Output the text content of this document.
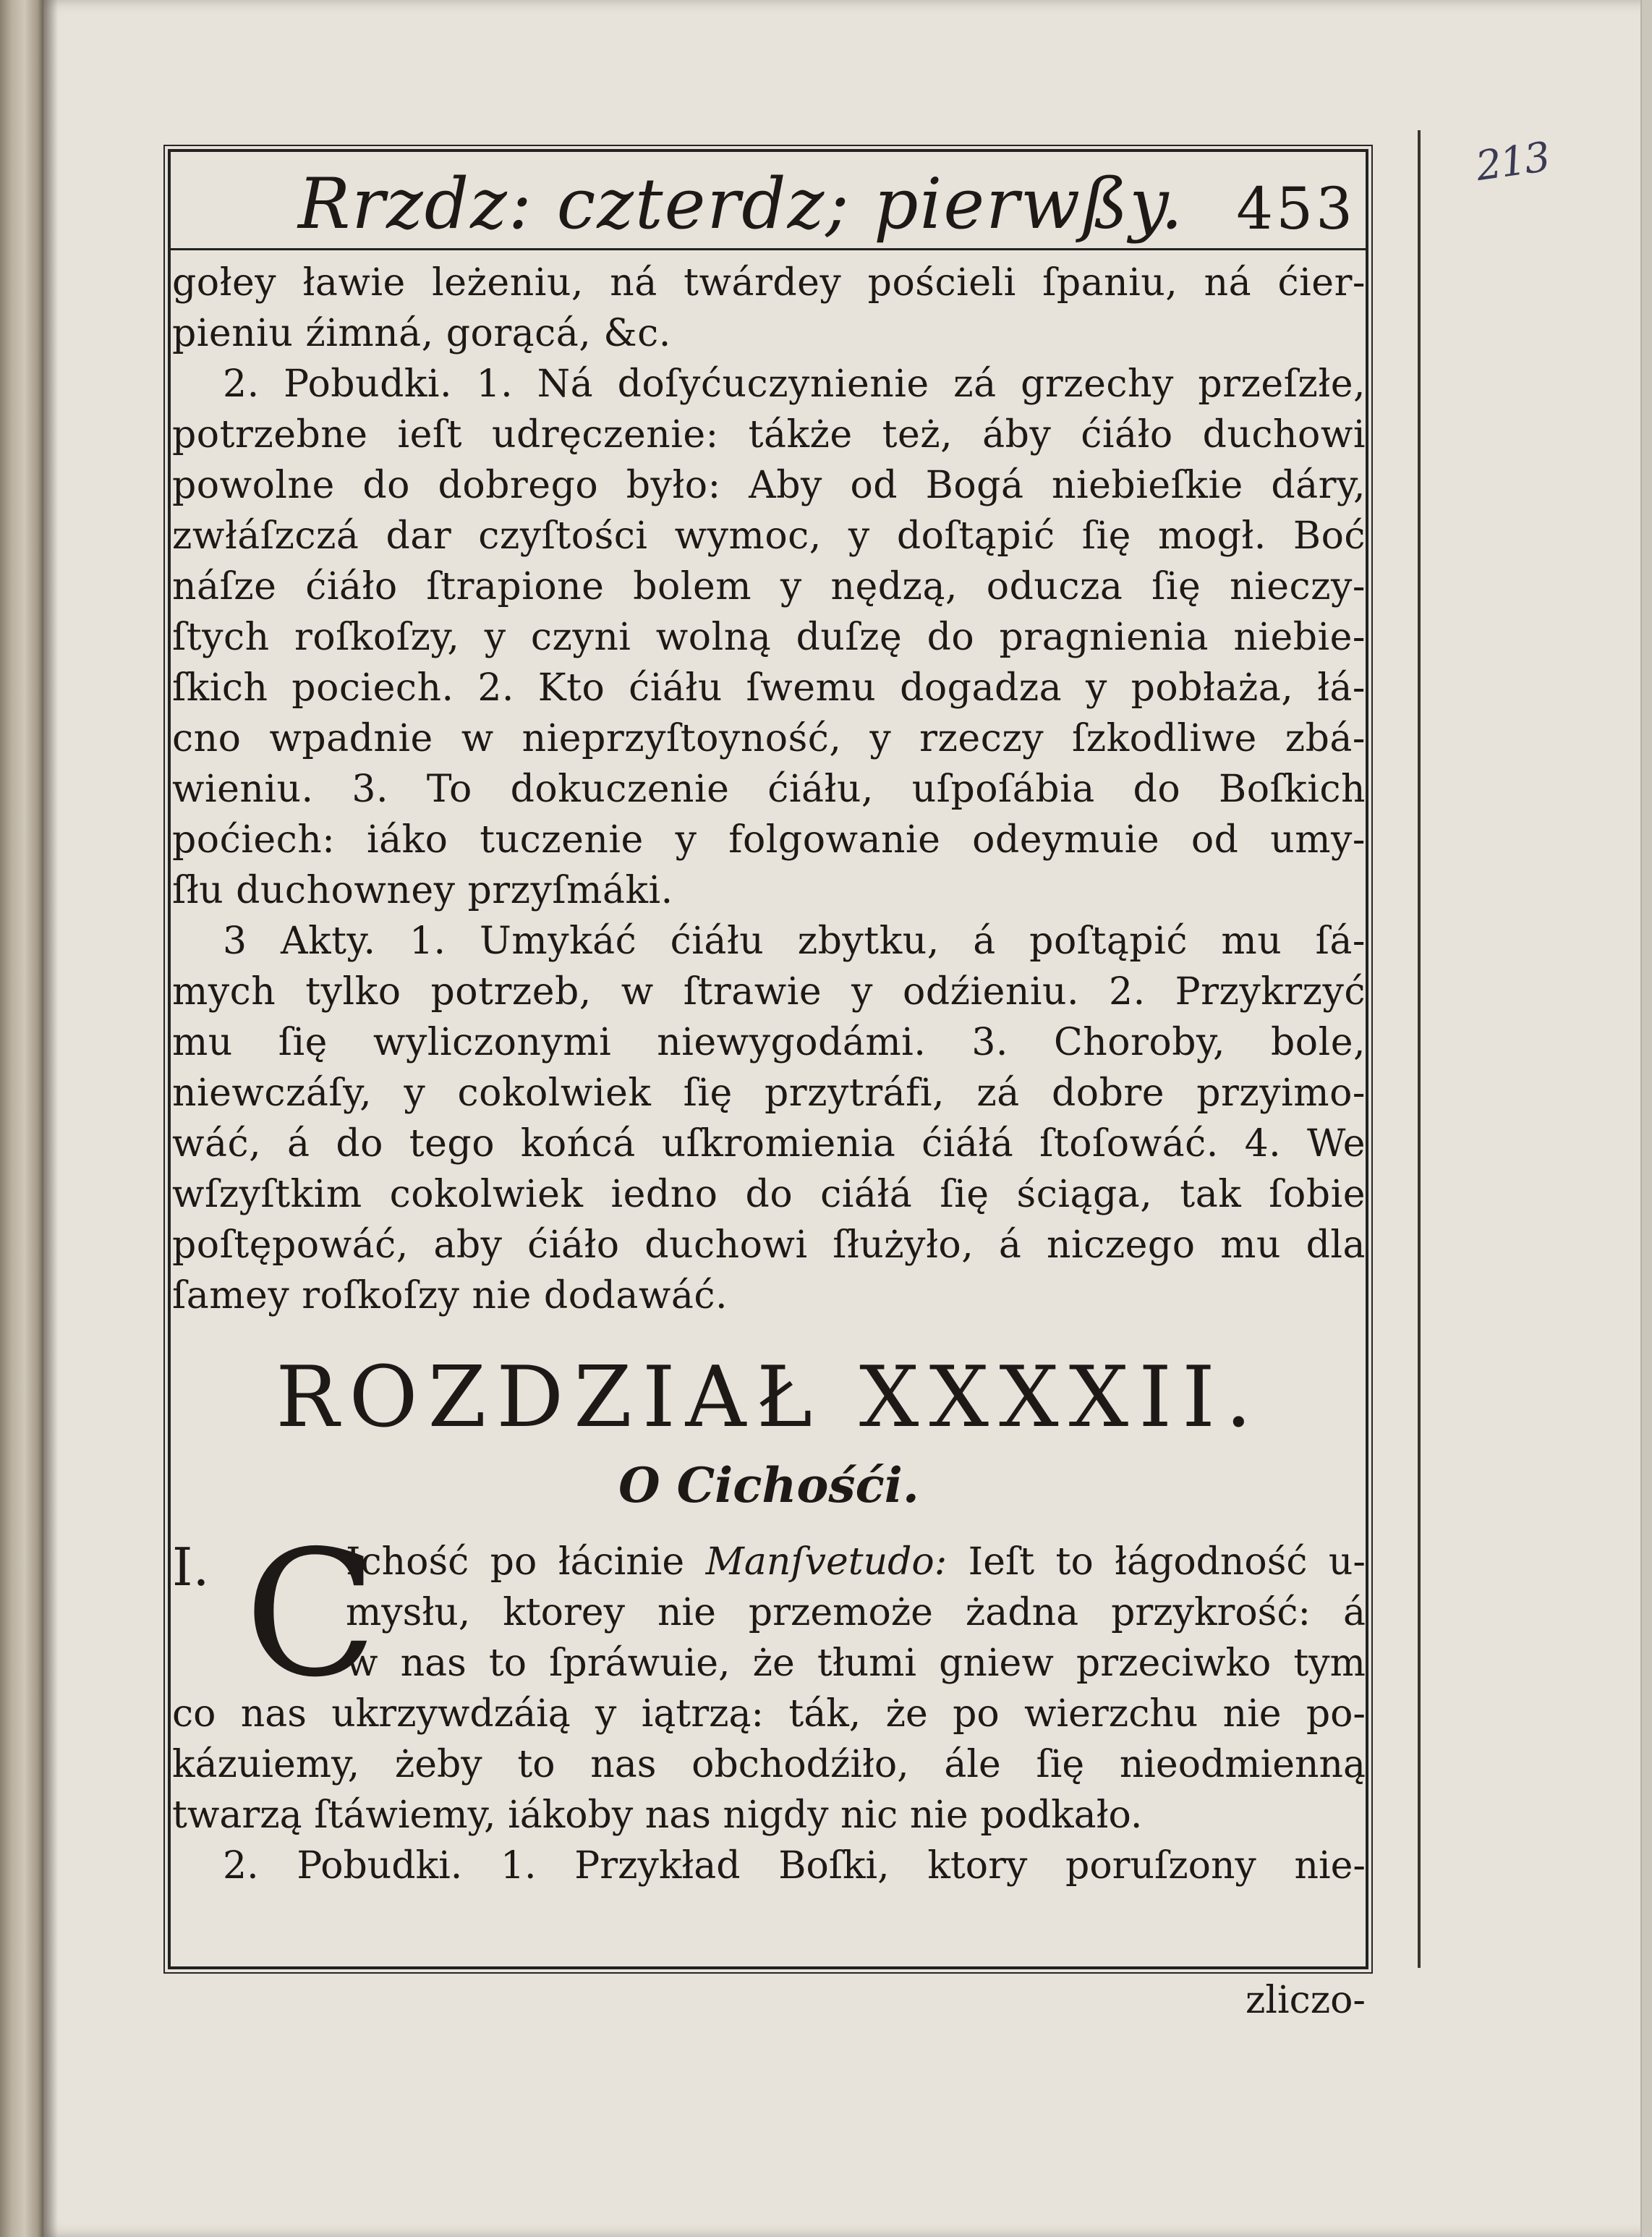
213
Rrzdz: czterdz; pierwßy. 453
gołey ławie leżeniu, ná twárdey pościeli ſpaniu, ná ćier-
pieniu źimná, gorącá, &c.
2. Pobudki. 1. Ná doſyćuczynienie zá grzechy przeſzłe,
potrzebne ieſt udręczenie: tákże też, áby ćiáło duchowi
powolne do dobrego było: Aby od Bogá niebieſkie dáry,
zwłáſzczá dar czyſtości wymoc, y doſtąpić ſię mogł. Boć
náſze ćiáło ſtrapione bolem y nędzą, oducza ſię nieczy-
ſtych roſkoſzy, y czyni wolną duſzę do pragnienia niebie-
ſkich pociech. 2. Kto ćiáłu ſwemu dogadza y pobłaża, łá-
cno wpadnie w nieprzyſtoyność, y rzeczy ſzkodliwe zbá-
wieniu. 3. To dokuczenie ćiáłu, uſpoſábia do Boſkich
poćiech: iáko tuczenie y folgowanie odeymuie od umy-
ſłu duchowney przyſmáki.
3 Akty. 1. Umykáć ćiáłu zbytku, á poſtąpić mu ſá-
mych tylko potrzeb, w ſtrawie y odźieniu. 2. Przykrzyć
mu ſię wyliczonymi niewygodámi. 3. Choroby, bole,
niewczáſy, y cokolwiek ſię przytráfi, zá dobre przyimo-
wáć, á do tego końcá uſkromienia ćiáłá ſtoſowáć. 4. We
wſzyſtkim cokolwiek iedno do ciáłá ſię ściąga, tak ſobie
poſtępowáć, aby ćiáło duchowi ſłużyło, á niczego mu dla
ſamey roſkoſzy nie dodawáć.
ROZDZIAŁ XXXXII.
O Cichośći.
I. C
Ichość po łácinie Manſvetudo: Ieſt to łágodność u-
mysłu, ktorey nie przemoże żadna przykrość: á
w nas to ſpráwuie, że tłumi gniew przeciwko tym
co nas ukrzywdzáią y iątrzą: ták, że po wierzchu nie po-
kázuiemy, żeby to nas obchodźiło, ále ſię nieodmienną
twarzą ſtáwiemy, iákoby nas nigdy nic nie podkało.
2. Pobudki. 1. Przykład Boſki, ktory poruſzony nie-
zliczo-
